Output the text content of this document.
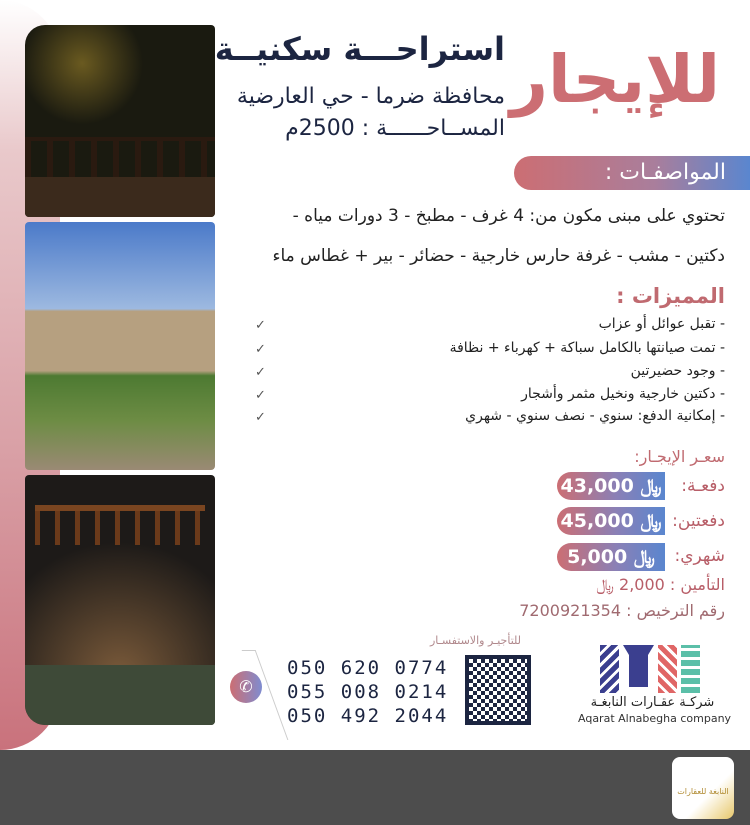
للإيجار
استراحـــة سكنيــة
محافظة ضرما - حي العارضية
المســاحــــــة : 2500م
المواصفـات :
تحتوي على مبنى مكون من: 4 غرف - مطبخ - 3 دورات مياه -
دكتين - مشب - غرفة حارس خارجية - حضائر - بير + غطاس ماء
المميزات :
- تقبل عوائل أو عزاب
- تمت صيانتها بالكامل سباكة + كهرباء + نظافة
- وجود حضيرتين
- دكتين خارجية ونخيل مثمر وأشجار
- إمكانية الدفع: سنوي - نصف سنوي - شهري
✓
✓
✓
✓
✓
سعـر الإيجـار:
دفعـة:
43,000 ﷼
دفعتين:
45,000 ﷼
شهري:
5,000 ﷼
التأمين : 2,000 ﷼
رقم الترخيص : 7200921354
للتأجيـر والاستفسـار
✆
050 620 0774
055 008 0214
050 492 2044
شركـة عقـارات النابغـة
Aqarat Alnabegha company
النابغة للعقارات
